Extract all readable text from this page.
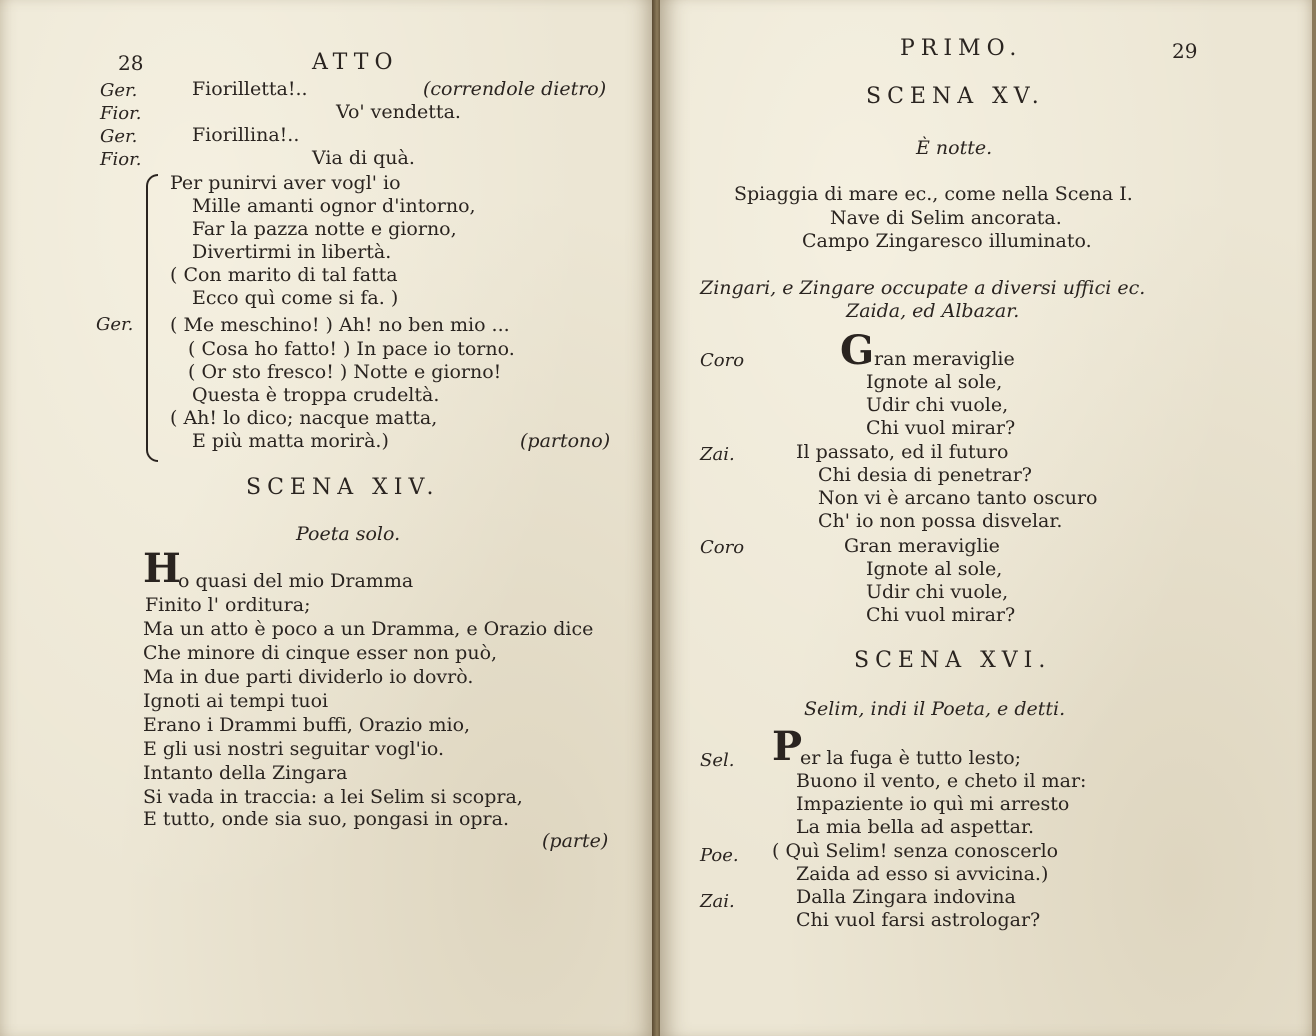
28	ATTO
Ger.	Fiorilletta!..	(correndole dietro)
Fior.	Vo' vendetta.
Ger.	Fiorillina!..
Fior.	Via di quà.
Ger.
Per punirvi aver vogl' io
Mille amanti ognor d'intorno,
Far la pazza notte e giorno,
Divertirmi in libertà.
( Con marito di tal fatta
Ecco quì come si fa. )
( Me meschino! ) Ah! no ben mio ...
( Cosa ho fatto! ) In pace io torno.
( Or sto fresco! ) Notte e giorno!
Questa è troppa crudeltà.
( Ah! lo dico; nacque matta,
E più matta morirà.)	(partono)
SCENA XIV.
Poeta solo.
H
o quasi del mio Dramma
Finito l' orditura;
Ma un atto è poco a un Dramma, e Orazio dice
Che minore di cinque esser non può,
Ma in due parti dividerlo io dovrò.
Ignoti ai tempi tuoi
Erano i Drammi buffi, Orazio mio,
E gli usi nostri seguitar vogl'io.
Intanto della Zingara
Si vada in traccia: a lei Selim si scopra,
E tutto, onde sia suo, pongasi in opra.
(parte)
PRIMO.	29
SCENA XV.
È notte.
Spiaggia di mare ec., come nella Scena I.
Nave di Selim ancorata.
Campo Zingaresco illuminato.
Zingari, e Zingare occupate a diversi uffici ec.
Zaida, ed Albazar.
Coro G ran meraviglie
Ignote al sole,
Udir chi vuole,
Chi vuol mirar?
Zai.	Il passato, ed il futuro
Chi desia di penetrar?
Non vi è arcano tanto oscuro
Ch' io non possa disvelar.
Coro	Gran meraviglie
Ignote al sole,
Udir chi vuole,
Chi vuol mirar?
SCENA XVI.
Selim, indi il Poeta, e detti.
Sel. P
er la fuga è tutto lesto;
Buono il vento, e cheto il mar:
Impaziente io quì mi arresto
La mia bella ad aspettar.
Poe. ( Quì Selim! senza conoscerlo
Zaida ad esso si avvicina.)
Zai.	Dalla Zingara indovina
Chi vuol farsi astrologar?
